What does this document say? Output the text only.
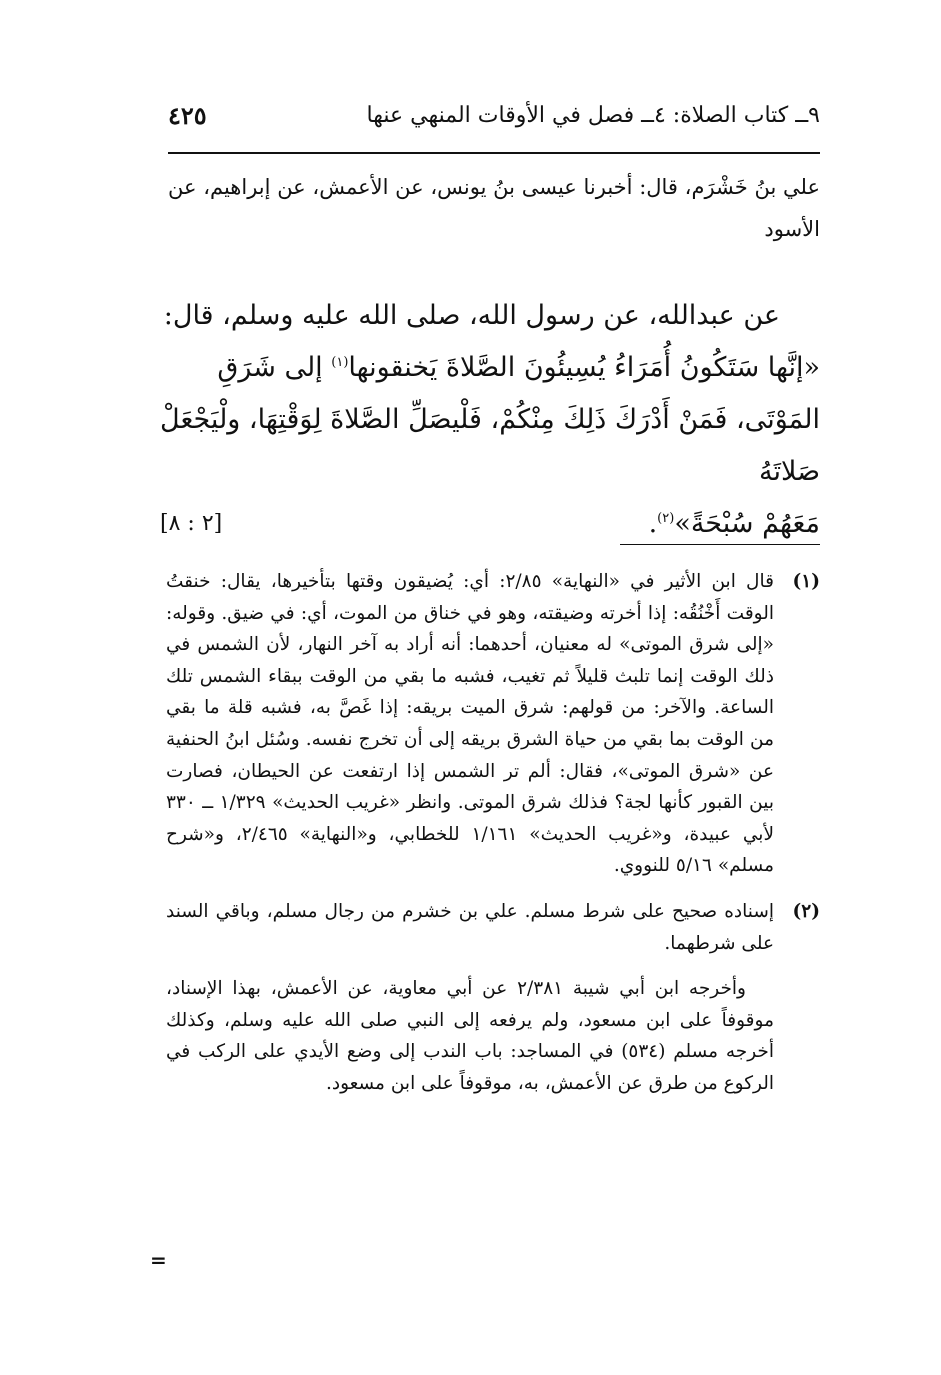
٩ــ كتاب الصلاة: ٤ــ فصل في الأوقات المنهي عنها
٤٢٥

علي بنُ خَشْرَم، قال: أخبرنا عيسى بنُ يونس، عن الأعمش، عن إبراهيم، عن الأسود

عن عبدالله، عن رسول الله، صلى الله عليه وسلم، قال:

«إنَّها سَتَكُونُ أُمَرَاءُ يُسِيئُونَ الصَّلاةَ يَخنقونها$^{(١)}$ إلى شَرَقِ المَوْتَى، فَمَنْ أَدْرَكَ ذَلِكَ مِنْكُمْ، فَلْيصَلِّ الصَّلاةَ لِوَقْتِهَا، ولْيَجْعَلْ صَلاتَهُ

مَعَهُمْ سُبْحَةً»$^{(٢)}$.
[٢ : ٨]

(١)

قال ابن الأثير في «النهاية» ٢/٨٥: أي: يُضيقون وقتها بتأخيرها، يقال: خنقتُ الوقت أَخْنُقُه: إذا أخرته وضيقته، وهو في خناق من الموت، أي: في ضيق. وقوله: «إلى شرق الموتى» له معنيان، أحدهما: أنه أراد به آخر النهار، لأن الشمس في ذلك الوقت إنما تلبث قليلاً ثم تغيب، فشبه ما بقي من الوقت ببقاء الشمس تلك الساعة. والآخر: من قولهم: شرق الميت بريقه: إذا غَصَّ به، فشبه قلة ما بقي من الوقت بما بقي من حياة الشرق بريقه إلى أن تخرج نفسه. وسُئل ابنُ الحنفية عن «شرق الموتى»، فقال: ألم تر الشمس إذا ارتفعت عن الحيطان، فصارت بين القبور كأنها لجة؟ فذلك شرق الموتى. وانظر «غريب الحديث» ١/٣٢٩ ــ ٣٣٠ لأبي عبيدة، و«غريب الحديث» ١/١٦١ للخطابي، و«النهاية» ٢/٤٦٥، و«شرح مسلم» ٥/١٦ للنووي.

(٢)

إسناده صحيح على شرط مسلم. علي بن خشرم من رجال مسلم، وباقي السند على شرطهما.

وأخرجه ابن أبي شيبة ٢/٣٨١ عن أبي معاوية، عن الأعمش، بهذا الإسناد، موقوفاً على ابن مسعود، ولم يرفعه إلى النبي صلى الله عليه وسلم، وكذلك أخرجه مسلم (٥٣٤) في المساجد: باب الندب إلى وضع الأيدي على الركب في الركوع من طرق عن الأعمش، به، موقوفاً على ابن مسعود.

=
